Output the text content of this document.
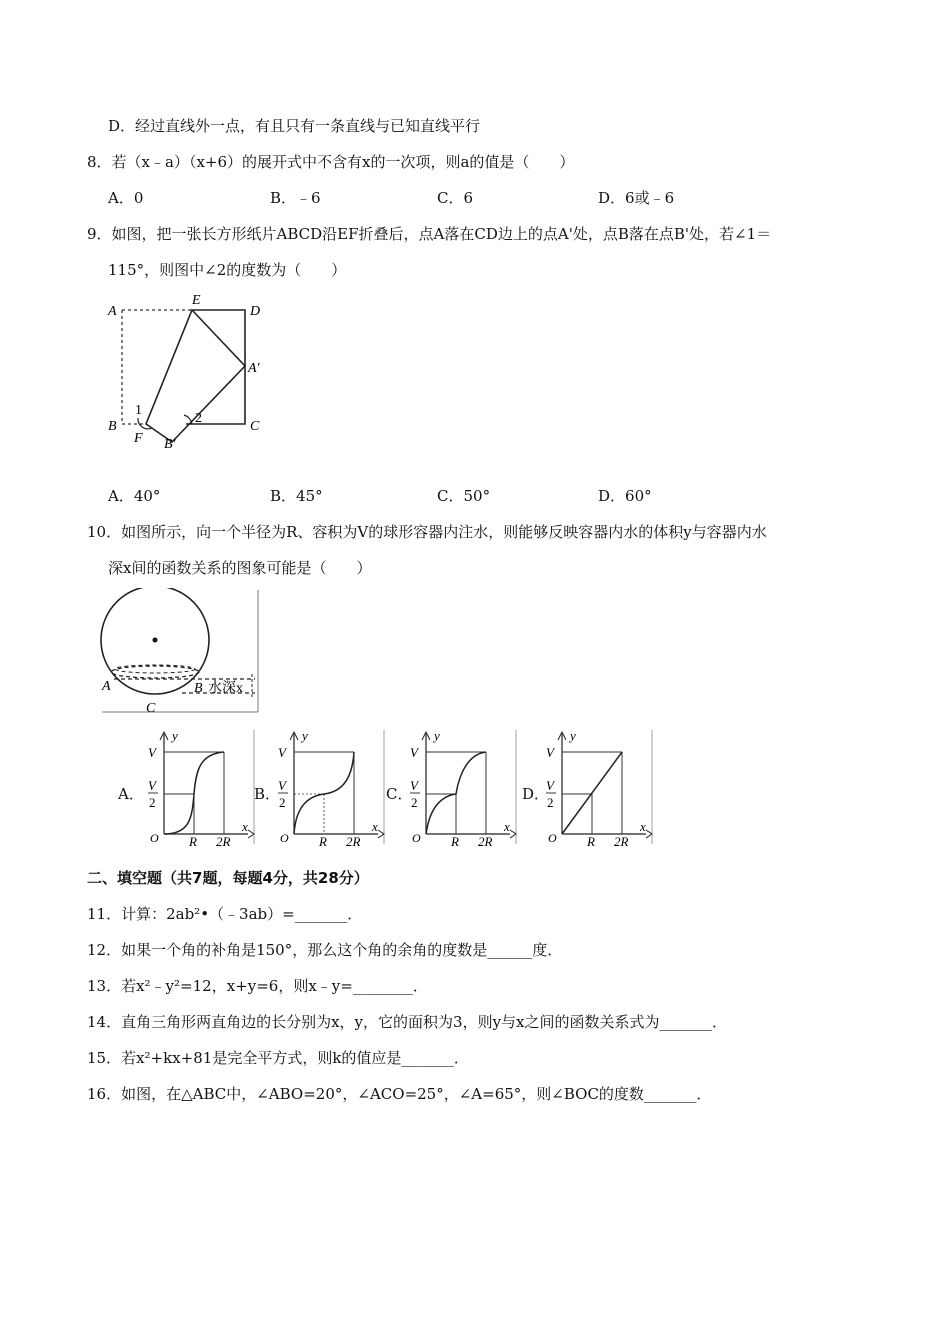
D．经过直线外一点，有且只有一条直线与已知直线平行
8．若（x﹣a）（x+6）的展开式中不含有x的一次项，则a的值是（　　）
A．0	B．﹣6	C．6	D．6或﹣6
9．如图，把一张长方形纸片ABCD沿EF折叠后，点A落在CD边上的点A'处，点B落在点B'处，若∠1＝
115°，则图中∠2的度数为（　　）
A
E
D
A′
B
F B′
C
1
2
A．40°	B．45°	C．50°	D．60°
10．如图所示，向一个半径为R、容积为V的球形容器内注水，则能够反映容器内水的体积y与容器内水
深x间的函数关系的图象可能是（　　）
A	B
C
水深x
A．
y
x
V
V
2
O R 2R
B．
y
x
V
V
2
O R 2R
C．
y
x
V
V
2
O R 2R
D．
y
x
V
V
2
O R 2R
二、填空题（共7题，每题4分，共28分）
11．计算：2ab²•（﹣3ab）=_______．
12．如果一个角的补角是150°，那么这个角的余角的度数是______度．
13．若x²﹣y²=12，x+y=6，则x﹣y=________．
14．直角三角形两直角边的长分别为x，y，它的面积为3，则y与x之间的函数关系式为_______．
15．若x²+kx+81是完全平方式，则k的值应是_______．
16．如图，在△ABC中，∠ABO=20°，∠ACO=25°，∠A=65°，则∠BOC的度数_______．
